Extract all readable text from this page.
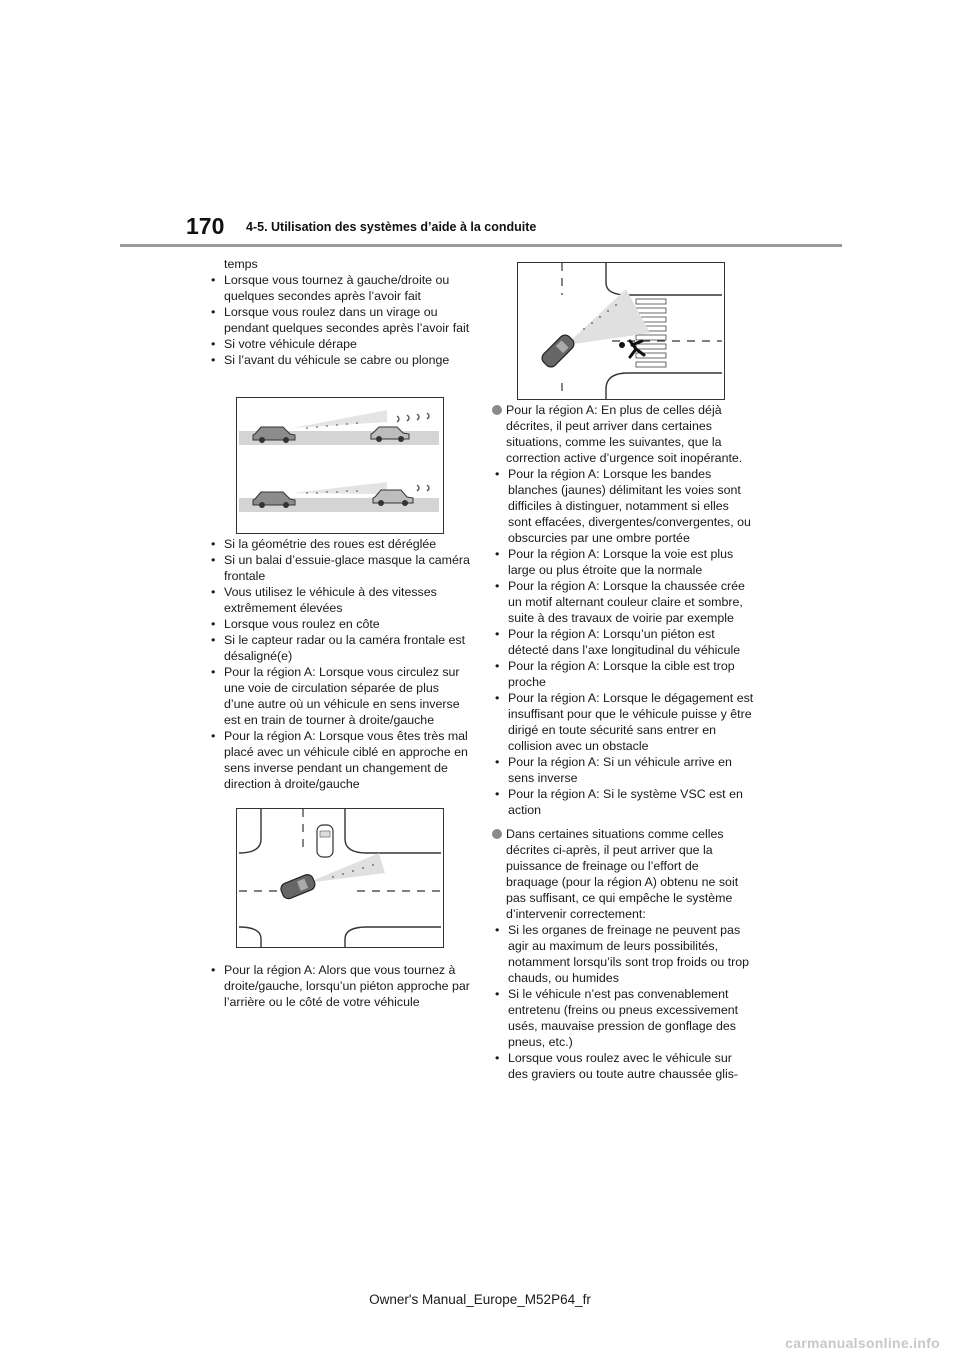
170 4-5. Utilisation des systèmes d’aide à la conduite

temps

• Lorsque vous tournez à gauche/droite ou quelques secondes après l’avoir fait

• Lorsque vous roulez dans un virage ou pendant quelques secondes après l’avoir fait

• Si votre véhicule dérape

• Si l’avant du véhicule se cabre ou plonge

• Si la géométrie des roues est déréglée

• Si un balai d’essuie-glace masque la caméra frontale

• Vous utilisez le véhicule à des vitesses extrêmement élevées

• Lorsque vous roulez en côte

• Si le capteur radar ou la caméra frontale est désaligné(e)

• Pour la région A: Lorsque vous circulez sur une voie de circulation séparée de plus d’une autre où un véhicule en sens inverse est en train de tourner à droite/gauche

• Pour la région A: Lorsque vous êtes très mal placé avec un véhicule ciblé en approche en sens inverse pendant un changement de direction à droite/gauche

• Pour la région A: Alors que vous tournez à droite/gauche, lorsqu’un piéton approche par l’arrière ou le côté de votre véhicule

Pour la région A: En plus de celles déjà décrites, il peut arriver dans certaines situations, comme les suivantes, que la correction active d’urgence soit inopérante.

• Pour la région A: Lorsque les bandes blanches (jaunes) délimitant les voies sont difficiles à distinguer, notamment si elles sont effacées, divergentes/convergentes, ou obscurcies par une ombre portée

• Pour la région A: Lorsque la voie est plus large ou plus étroite que la normale

• Pour la région A: Lorsque la chaussée crée un motif alternant couleur claire et sombre, suite à des travaux de voirie par exemple

• Pour la région A: Lorsqu’un piéton est détecté dans l’axe longitudinal du véhicule

• Pour la région A: Lorsque la cible est trop proche

• Pour la région A: Lorsque le dégagement est insuffisant pour que le véhicule puisse y être dirigé en toute sécurité sans entrer en collision avec un obstacle

• Pour la région A: Si un véhicule arrive en sens inverse

• Pour la région A: Si le système VSC est en action

Dans certaines situations comme celles décrites ci-après, il peut arriver que la puissance de freinage ou l’effort de braquage (pour la région A) obtenu ne soit pas suffisant, ce qui empêche le système d’intervenir correctement:

• Si les organes de freinage ne peuvent pas agir au maximum de leurs possibilités, notamment lorsqu’ils sont trop froids ou trop chauds, ou humides

• Si le véhicule n’est pas convenablement entretenu (freins ou pneus excessivement usés, mauvaise pression de gonflage des pneus, etc.)

• Lorsque vous roulez avec le véhicule sur des graviers ou toute autre chaussée glis-

Owner's Manual_Europe_M52P64_fr
carmanualsonline.info
